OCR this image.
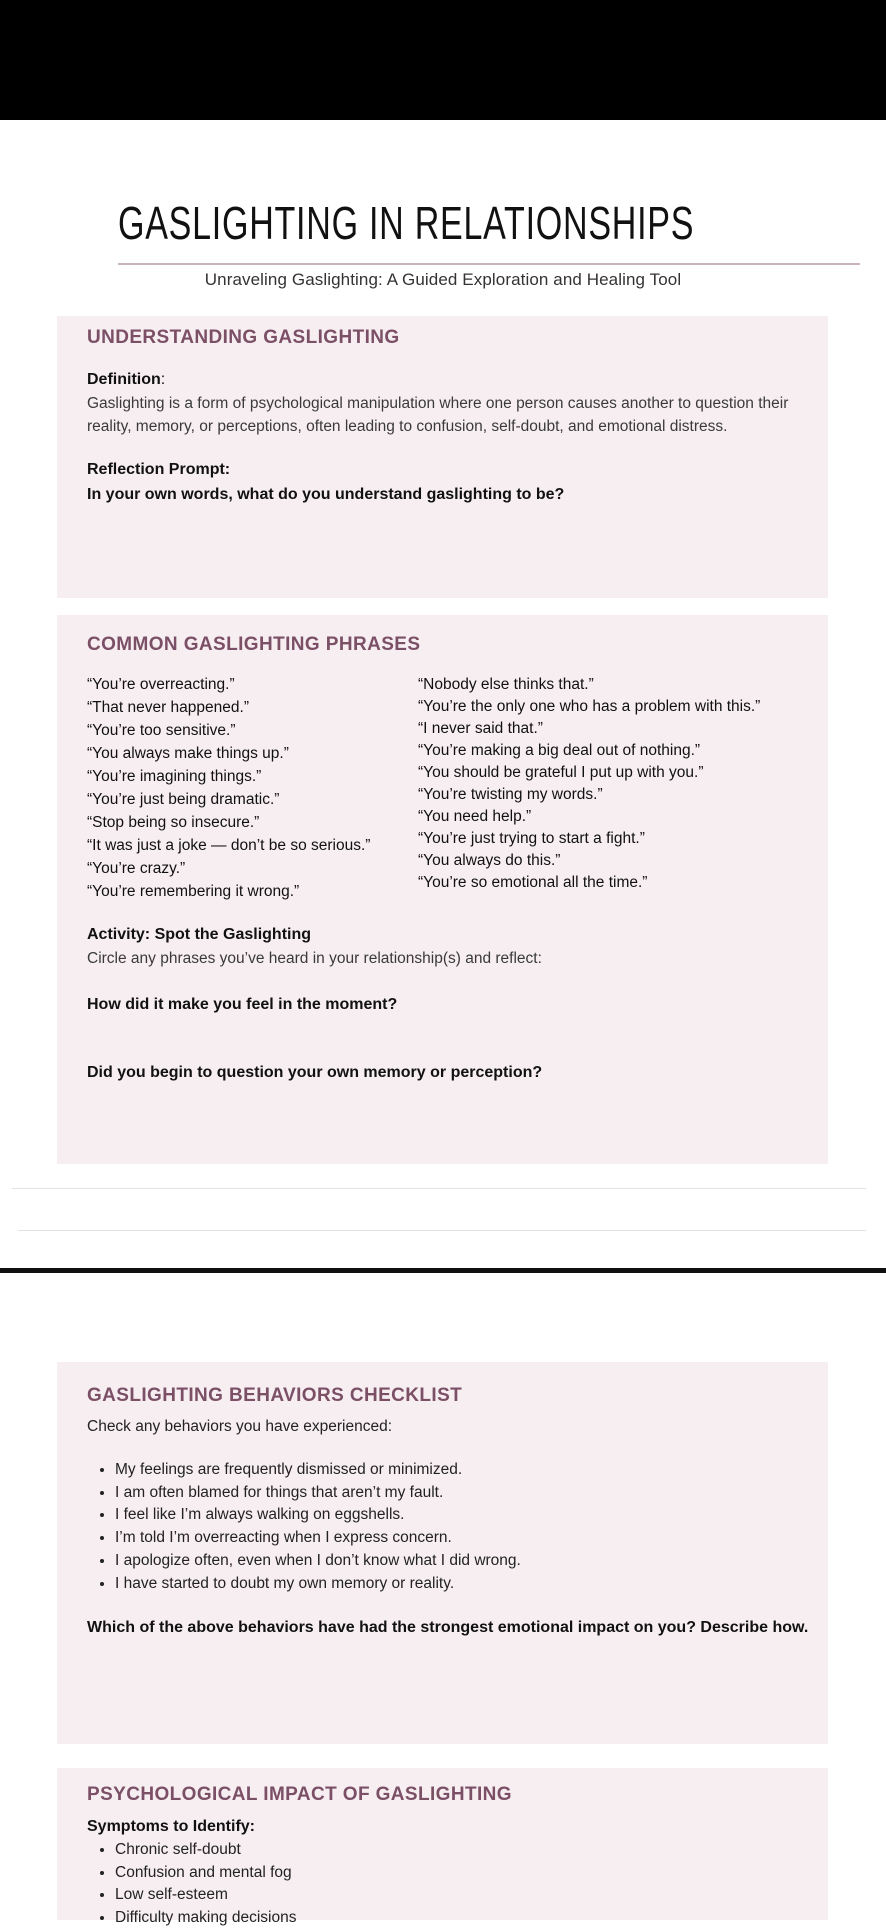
GASLIGHTING IN RELATIONSHIPS
Unraveling Gaslighting: A Guided Exploration and Healing Tool
UNDERSTANDING GASLIGHTING
Definition:
Gaslighting is a form of psychological manipulation where one person causes another to question their reality, memory, or perceptions, often leading to confusion, self-doubt, and emotional distress.
Reflection Prompt:
In your own words, what do you understand gaslighting to be?
COMMON GASLIGHTING PHRASES
“You’re overreacting.”
“That never happened.”
“You’re too sensitive.”
“You always make things up.”
“You’re imagining things.”
“You’re just being dramatic.”
“Stop being so insecure.”
“It was just a joke — don’t be so serious.”
“You’re crazy.”
“You’re remembering it wrong.”
“Nobody else thinks that.”
“You’re the only one who has a problem with this.”
“I never said that.”
“You’re making a big deal out of nothing.”
“You should be grateful I put up with you.”
“You’re twisting my words.”
“You need help.”
“You’re just trying to start a fight.”
“You always do this.”
“You’re so emotional all the time.”
Activity: Spot the Gaslighting
Circle any phrases you’ve heard in your relationship(s) and reflect:
How did it make you feel in the moment?
Did you begin to question your own memory or perception?
GASLIGHTING BEHAVIORS CHECKLIST
Check any behaviors you have experienced:
• My feelings are frequently dismissed or minimized.
• I am often blamed for things that aren’t my fault.
• I feel like I’m always walking on eggshells.
• I’m told I’m overreacting when I express concern.
• I apologize often, even when I don’t know what I did wrong.
• I have started to doubt my own memory or reality.
Which of the above behaviors have had the strongest emotional impact on you? Describe how.
PSYCHOLOGICAL IMPACT OF GASLIGHTING
Symptoms to Identify:
• Chronic self-doubt
• Confusion and mental fog
• Low self-esteem
• Difficulty making decisions
